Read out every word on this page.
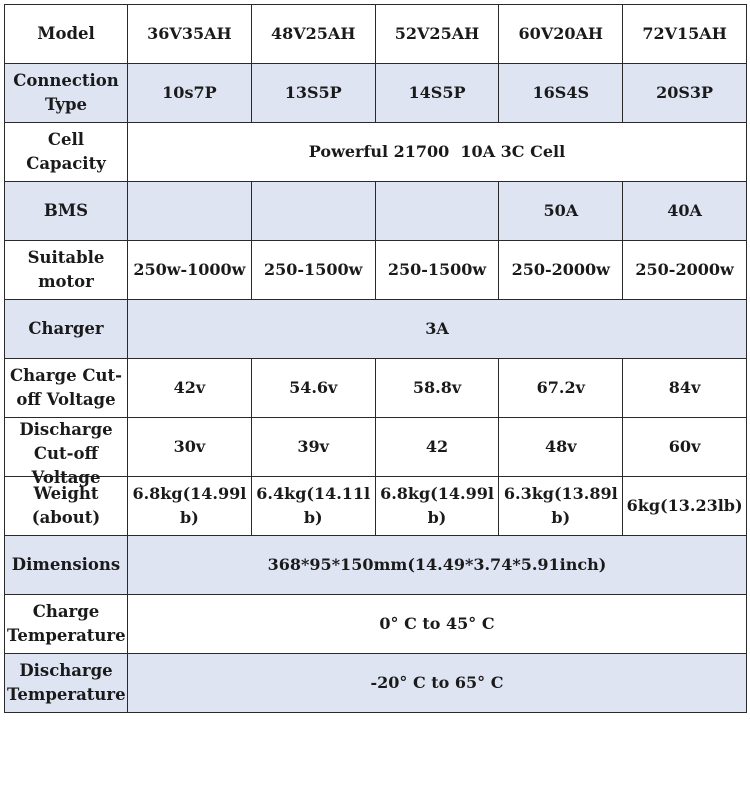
Model	36V35AH	48V25AH	52V25AH	60V20AH	72V15AH
Connection Type	10s7P	13S5P	14S5P	16S4S	20S3P
Cell Capacity	Powerful 21700  10A 3C Cell				
BMS				50A	40A
Suitable motor	250w-1000w	250-1500w	250-1500w	250-2000w	250-2000w
Charger	3A				
Charge Cut-off Voltage	42v	54.6v	58.8v	67.2v	84v

Discharge Cut-off Voltage	30v	39v	42	48v	60v
Weight (about)	6.8kg(14.99lb)	6.4kg(14.11lb)	6.8kg(14.99lb)	6.3kg(13.89lb)	6kg(13.23lb)
Dimensions	368*95*150mm(14.49*3.74*5.91inch)				
Charge Temperature	0° C to 45° C				
Discharge Temperature	-20° C to 65° C				
